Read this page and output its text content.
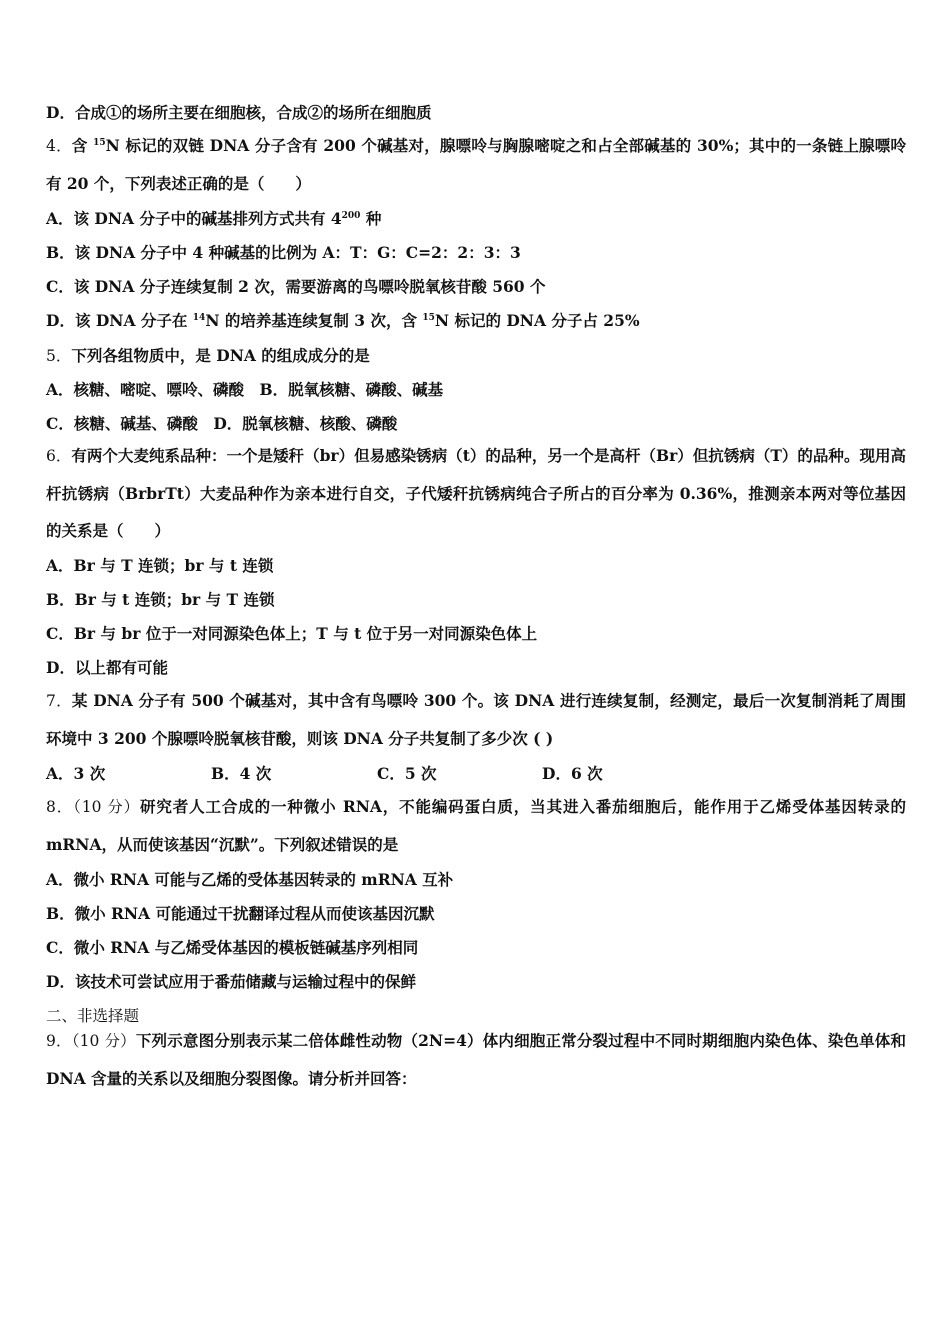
D．合成①的场所主要在细胞核，合成②的场所在细胞质
4．含 $^{15}$N 标记的双链 DNA 分子含有 200 个碱基对，腺嘌呤与胸腺嘧啶之和占全部碱基的 30%；其中的一条链上腺嘌呤有 20 个，下列表述正确的是（　　）
A．该 DNA 分子中的碱基排列方式共有 $4^{200}$ 种
B．该 DNA 分子中 4 种碱基的比例为 A：T：G：C=2：2：3：3
C．该 DNA 分子连续复制 2 次，需要游离的鸟嘌呤脱氧核苷酸 560 个
D．该 DNA 分子在 $^{14}$N 的培养基连续复制 3 次，含 $^{15}$N 标记的 DNA 分子占 25%
5．下列各组物质中，是 DNA 的组成成分的是
A．核糖、嘧啶、嘌呤、磷酸　B．脱氧核糖、磷酸、碱基
C．核糖、碱基、磷酸　D．脱氧核糖、核酸、磷酸
6．有两个大麦纯系品种：一个是矮秆（br）但易感染锈病（t）的品种，另一个是高杆（Br）但抗锈病（T）的品种。现用高杆抗锈病（BrbrTt）大麦品种作为亲本进行自交，子代矮秆抗锈病纯合子所占的百分率为 0.36%，推测亲本两对等位基因的关系是（　　）
A．Br 与 T 连锁；br 与 t 连锁
B．Br 与 t 连锁；br 与 T 连锁
C．Br 与 br 位于一对同源染色体上；T 与 t 位于另一对同源染色体上
D．以上都有可能
7．某 DNA 分子有 500 个碱基对，其中含有鸟嘌呤 300 个。该 DNA 进行连续复制，经测定，最后一次复制消耗了周围环境中 3 200 个腺嘌呤脱氧核苷酸，则该 DNA 分子共复制了多少次 ( )
A．3 次	B．4 次	C．5 次	D．6 次
8．（10 分）研究者人工合成的一种微小 RNA，不能编码蛋白质，当其进入番茄细胞后，能作用于乙烯受体基因转录的 mRNA，从而使该基因“沉默”。下列叙述错误的是
A．微小 RNA 可能与乙烯的受体基因转录的 mRNA 互补
B．微小 RNA 可能通过干扰翻译过程从而使该基因沉默
C．微小 RNA 与乙烯受体基因的模板链碱基序列相同
D．该技术可尝试应用于番茄储藏与运输过程中的保鲜
二、非选择题
9．（10 分）下列示意图分别表示某二倍体雌性动物（2N=4）体内细胞正常分裂过程中不同时期细胞内染色体、染色单体和 DNA 含量的关系以及细胞分裂图像。请分析并回答：
